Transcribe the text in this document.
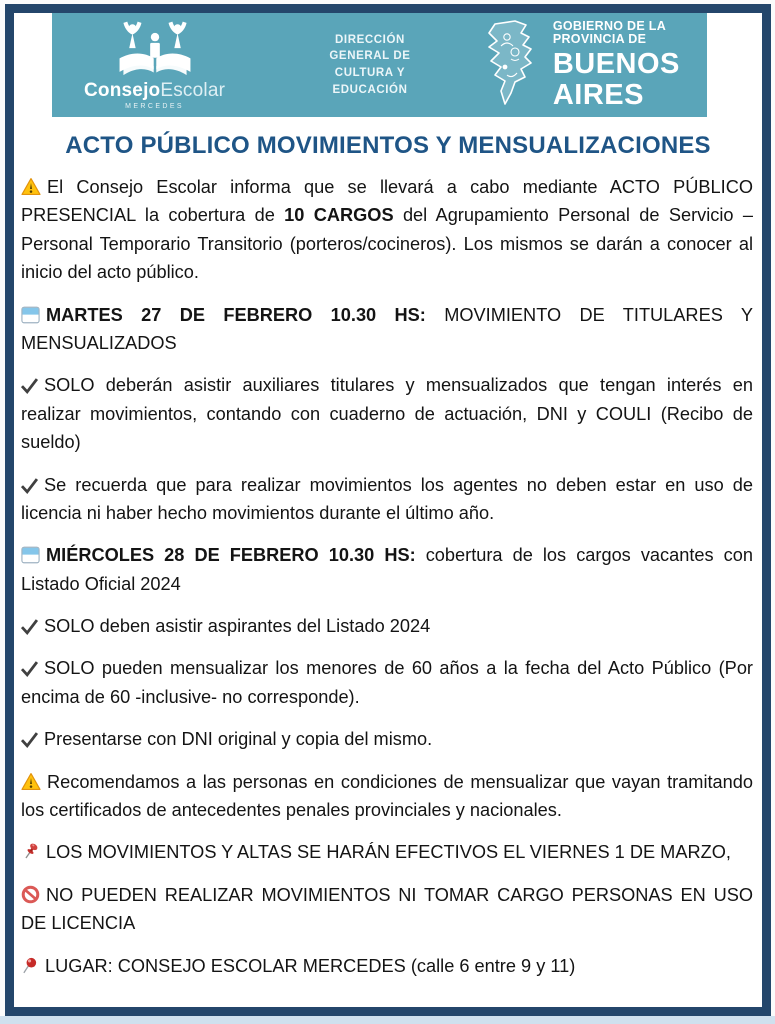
ConsejoEscolar
MERCEDES
DIRECCIÓN GENERAL DE
CULTURA Y EDUCACIÓN
GOBIERNO DE LA PROVINCIA DE
BUENOS AIRES
ACTO PÚBLICO MOVIMIENTOS Y MENSUALIZACIONES

El Consejo Escolar informa que se llevará a cabo mediante ACTO PÚBLICO PRESENCIAL la cobertura de 10 CARGOS del Agrupamiento Personal de Servicio – Personal Temporario Transitorio (porteros/cocineros). Los mismos se darán a conocer al inicio del acto público.

MARTES 27 DE FEBRERO 10.30 HS: MOVIMIENTO DE TITULARES Y MENSUALIZADOS

SOLO deberán asistir auxiliares titulares y mensualizados que tengan interés en realizar movimientos, contando con cuaderno de actuación, DNI y COULI (Recibo de sueldo)

Se recuerda que para realizar movimientos los agentes no deben estar en uso de licencia ni haber hecho movimientos durante el último año.

MIÉRCOLES 28 DE FEBRERO 10.30 HS: cobertura de los cargos vacantes con Listado Oficial 2024

SOLO deben asistir aspirantes del Listado 2024

SOLO pueden mensualizar los menores de 60 años a la fecha del Acto Público (Por encima de 60 -inclusive- no corresponde).

Presentarse con DNI original y copia del mismo.

Recomendamos a las personas en condiciones de mensualizar que vayan tramitando los certificados de antecedentes penales provinciales y nacionales.

LOS MOVIMIENTOS Y ALTAS SE HARÁN EFECTIVOS EL VIERNES 1 DE MARZO,

NO PUEDEN REALIZAR MOVIMIENTOS NI TOMAR CARGO PERSONAS EN USO DE LICENCIA

LUGAR: CONSEJO ESCOLAR MERCEDES (calle 6 entre 9 y 11)
